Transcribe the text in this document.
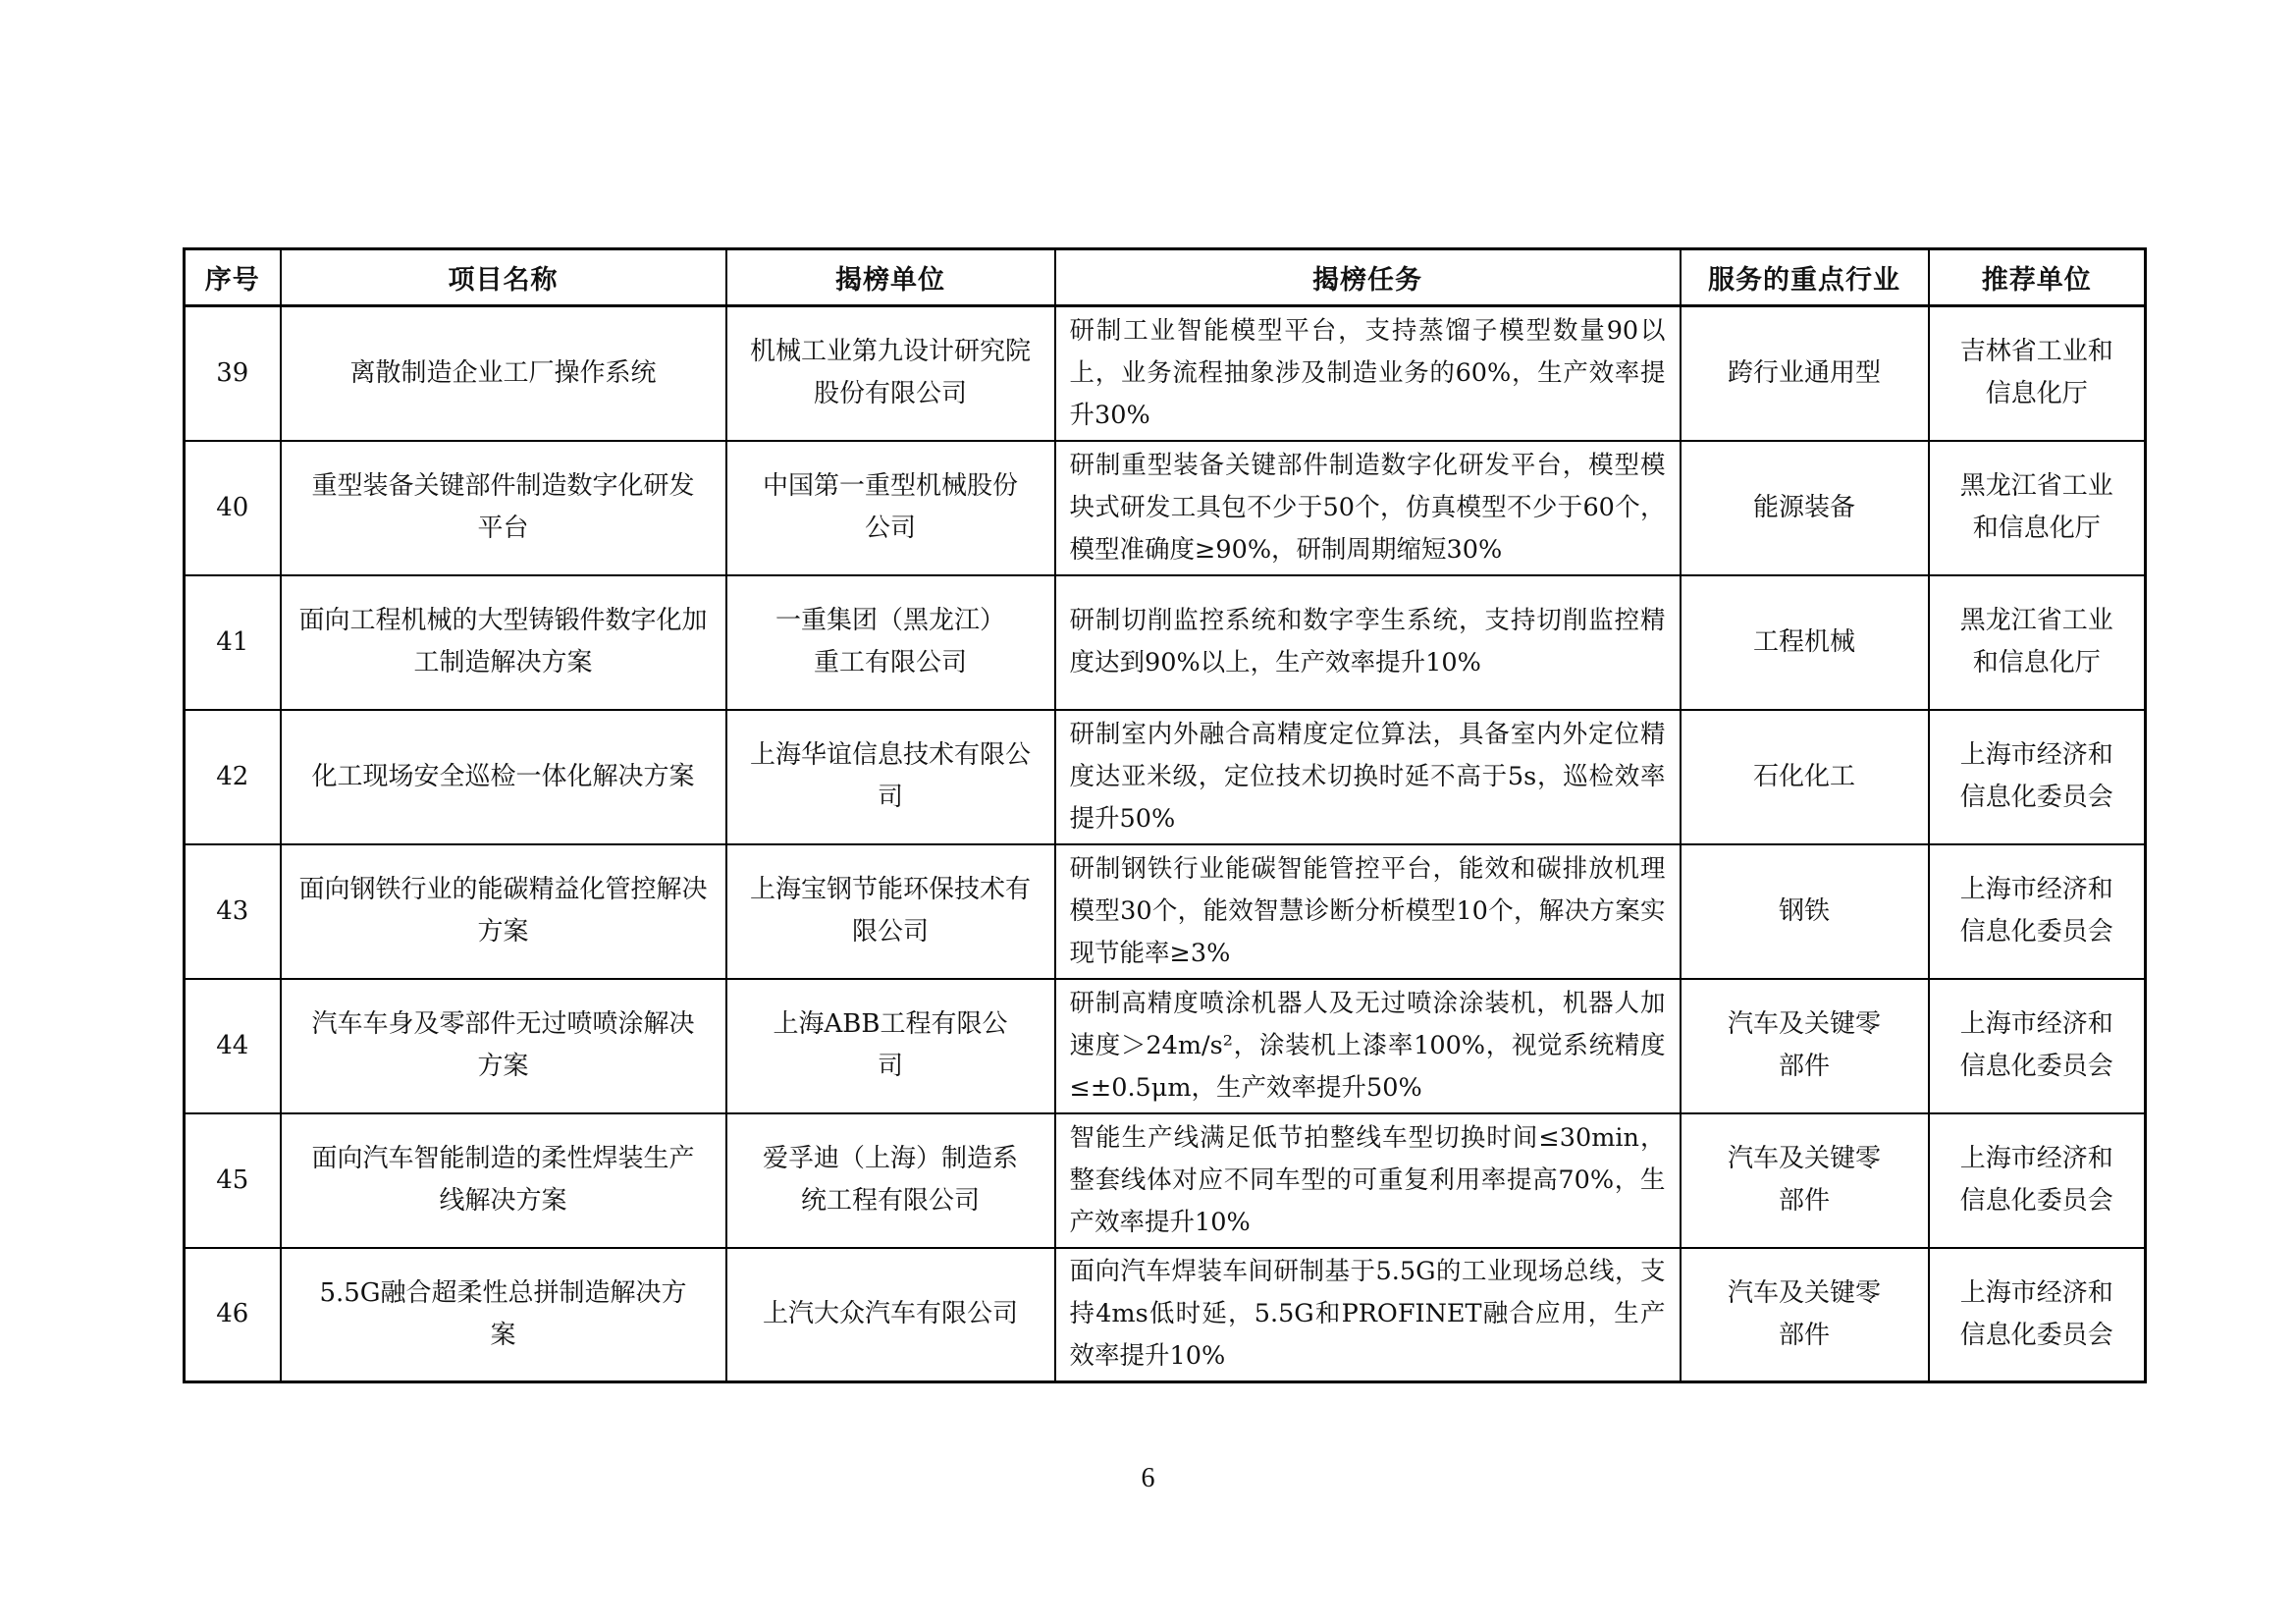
序号	项目名称	揭榜单位	揭榜任务	服务的重点行业	推荐单位
39	离散制造企业工厂操作系统	机械工业第九设计研究院股份有限公司	研制工业智能模型平台，支持蒸馏子模型数量90以上，业务流程抽象涉及制造业务的60%，生产效率提升30%	跨行业通用型	吉林省工业和信息化厅
40	重型装备关键部件制造数字化研发平台	中国第一重型机械股份公司	研制重型装备关键部件制造数字化研发平台，模型模块式研发工具包不少于50个，仿真模型不少于60个，模型准确度≥90%，研制周期缩短30%	能源装备	黑龙江省工业和信息化厅
41	面向工程机械的大型铸锻件数字化加工制造解决方案	一重集团（黑龙江）重工有限公司	研制切削监控系统和数字孪生系统，支持切削监控精度达到90%以上，生产效率提升10%	工程机械	黑龙江省工业和信息化厅
42	化工现场安全巡检一体化解决方案	上海华谊信息技术有限公司	研制室内外融合高精度定位算法，具备室内外定位精度达亚米级，定位技术切换时延不高于5s，巡检效率提升50%	石化化工	上海市经济和信息化委员会
43	面向钢铁行业的能碳精益化管控解决方案	上海宝钢节能环保技术有限公司	研制钢铁行业能碳智能管控平台，能效和碳排放机理模型30个，能效智慧诊断分析模型10个，解决方案实现节能率≥3%	钢铁	上海市经济和信息化委员会
44	汽车车身及零部件无过喷喷涂解决方案	上海ABB工程有限公司	研制高精度喷涂机器人及无过喷涂涂装机，机器人加速度＞24m/s²，涂装机上漆率100%，视觉系统精度≤±0.5μm，生产效率提升50%	汽车及关键零部件	上海市经济和信息化委员会
45	面向汽车智能制造的柔性焊装生产线解决方案	爱孚迪（上海）制造系统工程有限公司	智能生产线满足低节拍整线车型切换时间≤30min，整套线体对应不同车型的可重复利用率提高70%，生产效率提升10%	汽车及关键零部件	上海市经济和信息化委员会
46	5.5G融合超柔性总拼制造解决方案	上汽大众汽车有限公司	面向汽车焊装车间研制基于5.5G的工业现场总线，支持4ms低时延，5.5G和PROFINET融合应用，生产效率提升10%	汽车及关键零部件	上海市经济和信息化委员会
6
